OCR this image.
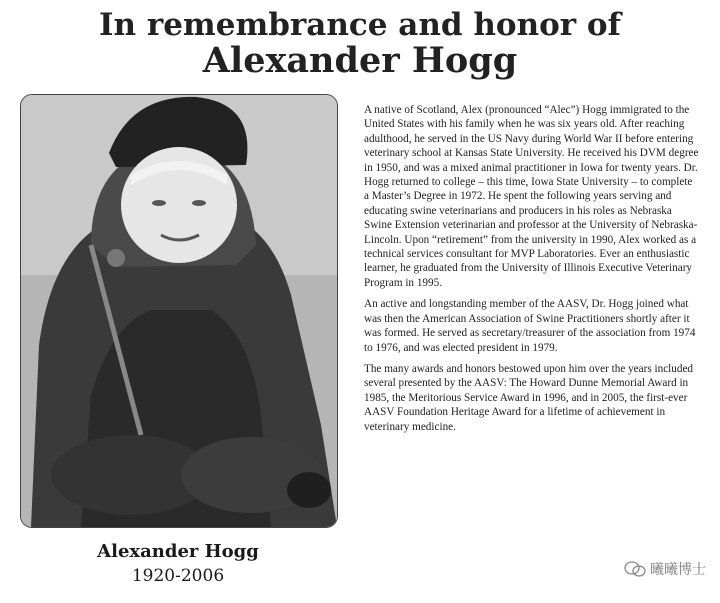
In remembrance and honor of
Alexander Hogg
Alexander Hogg
1920-2006

A native of Scotland, Alex (pronounced “Alec”) Hogg immigrated to the United States with his family when he was six years old. After reaching adulthood, he served in the US Navy during World War II before entering veterinary school at Kansas State University. He received his DVM degree in 1950, and was a mixed animal practitioner in Iowa for twenty years. Dr. Hogg returned to college – this time, Iowa State University – to complete a Master’s Degree in 1972. He spent the following years serving and educating swine veterinarians and producers in his roles as Nebraska Swine Extension veterinarian and professor at the University of Nebraska-Lincoln. Upon “retirement” from the university in 1990, Alex worked as a technical services consultant for MVP Laboratories. Ever an enthusiastic learner, he graduated from the University of Illinois Executive Veterinary Program in 1995.

An active and longstanding member of the AASV, Dr. Hogg joined what was then the American Association of Swine Practitioners shortly after it was formed. He served as secretary/treasurer of the association from 1974 to 1976, and was elected president in 1979.

The many awards and honors bestowed upon him over the years included several presented by the AASV: The Howard Dunne Memorial Award in 1985, the Meritorious Service Award in 1996, and in 2005, the first-ever AASV Foundation Heritage Award for a lifetime of achievement in veterinary medicine.

曦曦博士
